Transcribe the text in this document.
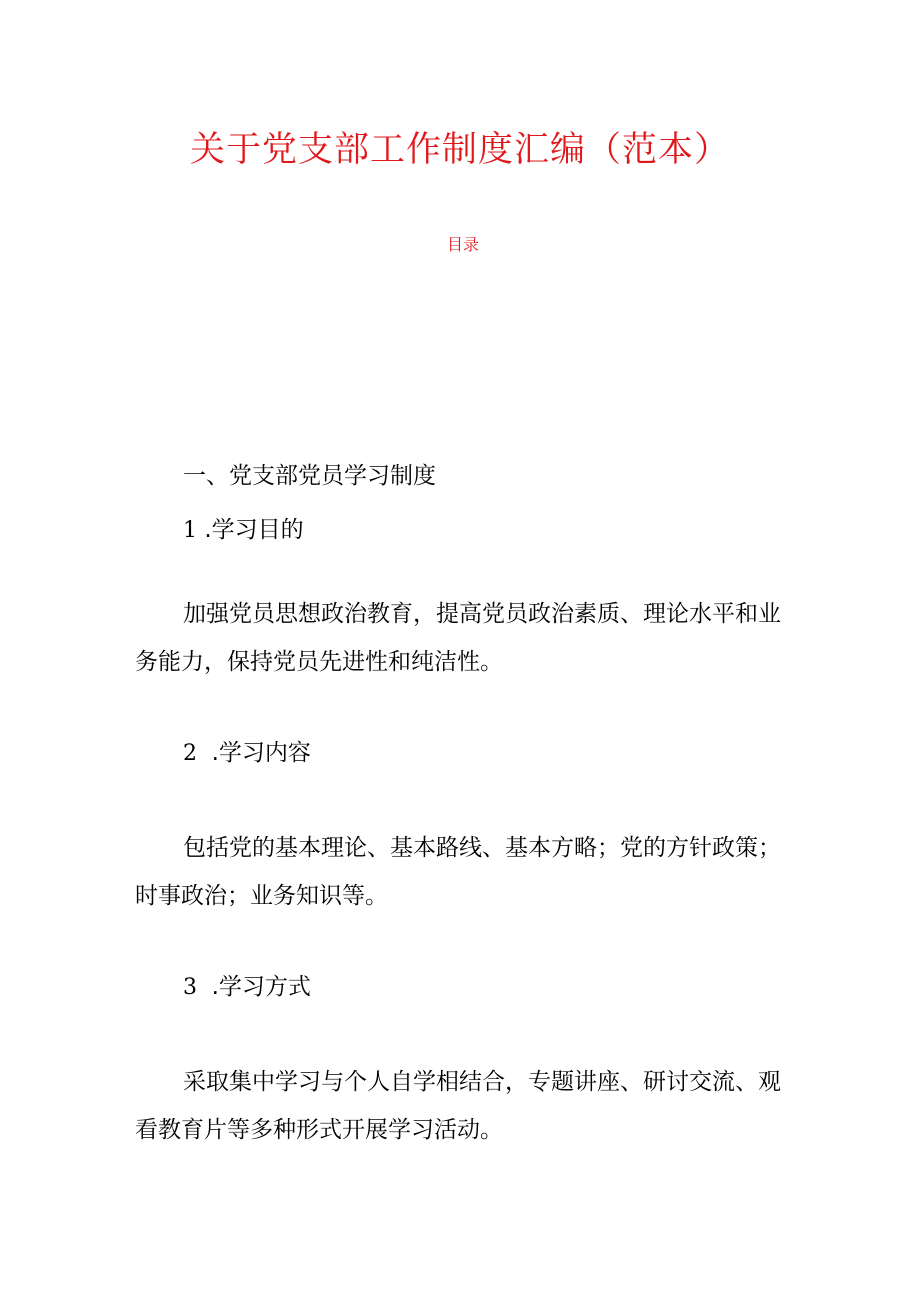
关于党支部工作制度汇编（范本）
目录
一、党支部党员学习制度
1 .学习目的
加强党员思想政治教育，提高党员政治素质、理论水平和业
务能力，保持党员先进性和纯洁性。
2 .学习内容
包括党的基本理论、基本路线、基本方略；党的方针政策；
时事政治；业务知识等。
3 .学习方式
采取集中学习与个人自学相结合，专题讲座、研讨交流、观
看教育片等多种形式开展学习活动。
